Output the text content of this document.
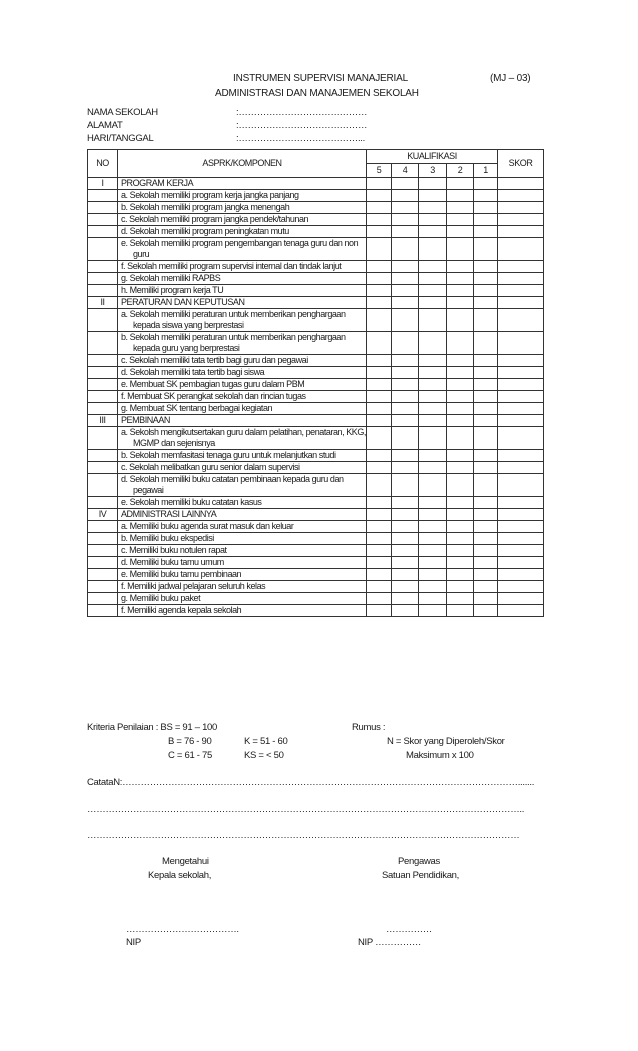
INSTRUMEN SUPERVISI MANAJERIAL	(MJ – 03)
ADMINISTRASI DAN MANAJEMEN SEKOLAH
NAMA SEKOLAH	:……………………………………
ALAMAT	:……………………………………
HARI/TANGGAL	:…………………………………...
NO	ASPRK/KOMPONEN	KUALIFIKASI					SKOR
		5	4	3	2	1	
I	PROGRAM KERJA						

	a. Sekolah memiliki program kerja jangka panjang						

	b. Sekolah memiliki program jangka menengah						

	c. Sekolah memiliki program jangka pendek/tahunan						

	d. Sekolah memiliki program peningkatan mutu						

	e. Sekolah memiliki program pengembangan tenaga guru dan non guru						

	f. Sekolah memiliki program supervisi internal dan tindak lanjut						

	g. Sekolah memiliki RAPBS						

	h. Memiliki program kerja TU						

II	PERATURAN DAN KEPUTUSAN						

	a. Sekolah memiliki peraturan untuk memberikan penghargaan kepada siswa yang berprestasi						

	b. Sekolah memiliki peraturan untuk memberikan penghargaan kepada guru yang berprestasi						

	c. Sekolah memiliki tata tertib bagi guru dan pegawai						

	d. Sekolah memiliki tata tertib bagi siswa						

	e. Membuat SK pembagian tugas guru dalam PBM						

	f. Membuat SK perangkat sekolah dan rincian tugas						

	g. Membuat SK tentang berbagai kegiatan						

III	PEMBINAAN						

	a. Sekolsh mengikutsertakan guru dalam pelatihan, penataran, KKG, MGMP dan sejenisnya						

	b. Sekolah memfasitasi tenaga guru untuk melanjutkan studi						

	c. Sekolah melibatkan guru senior dalam supervisi						

	d. Sekolah memiliki buku catatan pembinaan kepada guru dan pegawai						

	e. Sekolah memiliki buku catatan kasus						

IV	ADMINISTRASI LAINNYA						

	a. Memiliki buku agenda surat masuk dan keluar						

	b. Memiliki buku ekspedisi						

	c. Memiliki buku notulen rapat						

	d. Memiliki buku tamu umum						

	e. Memiliki buku tamu pembinaan						

	f. Memiliki jadwal pelajaran seluruh kelas						

	g. Memiliki buku paket						

	f. Memiliki agenda kepala sekolah						

Kriteria Penilaian : BS = 91 – 100
B = 76 - 90	K = 51 - 60
C = 61 - 75	KS = < 50
Rumus :
N = Skor yang Diperoleh/Skor
Maksimum x 100
CatataN:………………………………………………………………………………………………………………….......
……………………………………………………………………………………………………………………………..
……………………………………………………………………………………………………………………………
Mengetahui
Kepala sekolah,
……………………………….
NIP
Pengawas
Satuan Pendidikan,
……………
NIP ……………
